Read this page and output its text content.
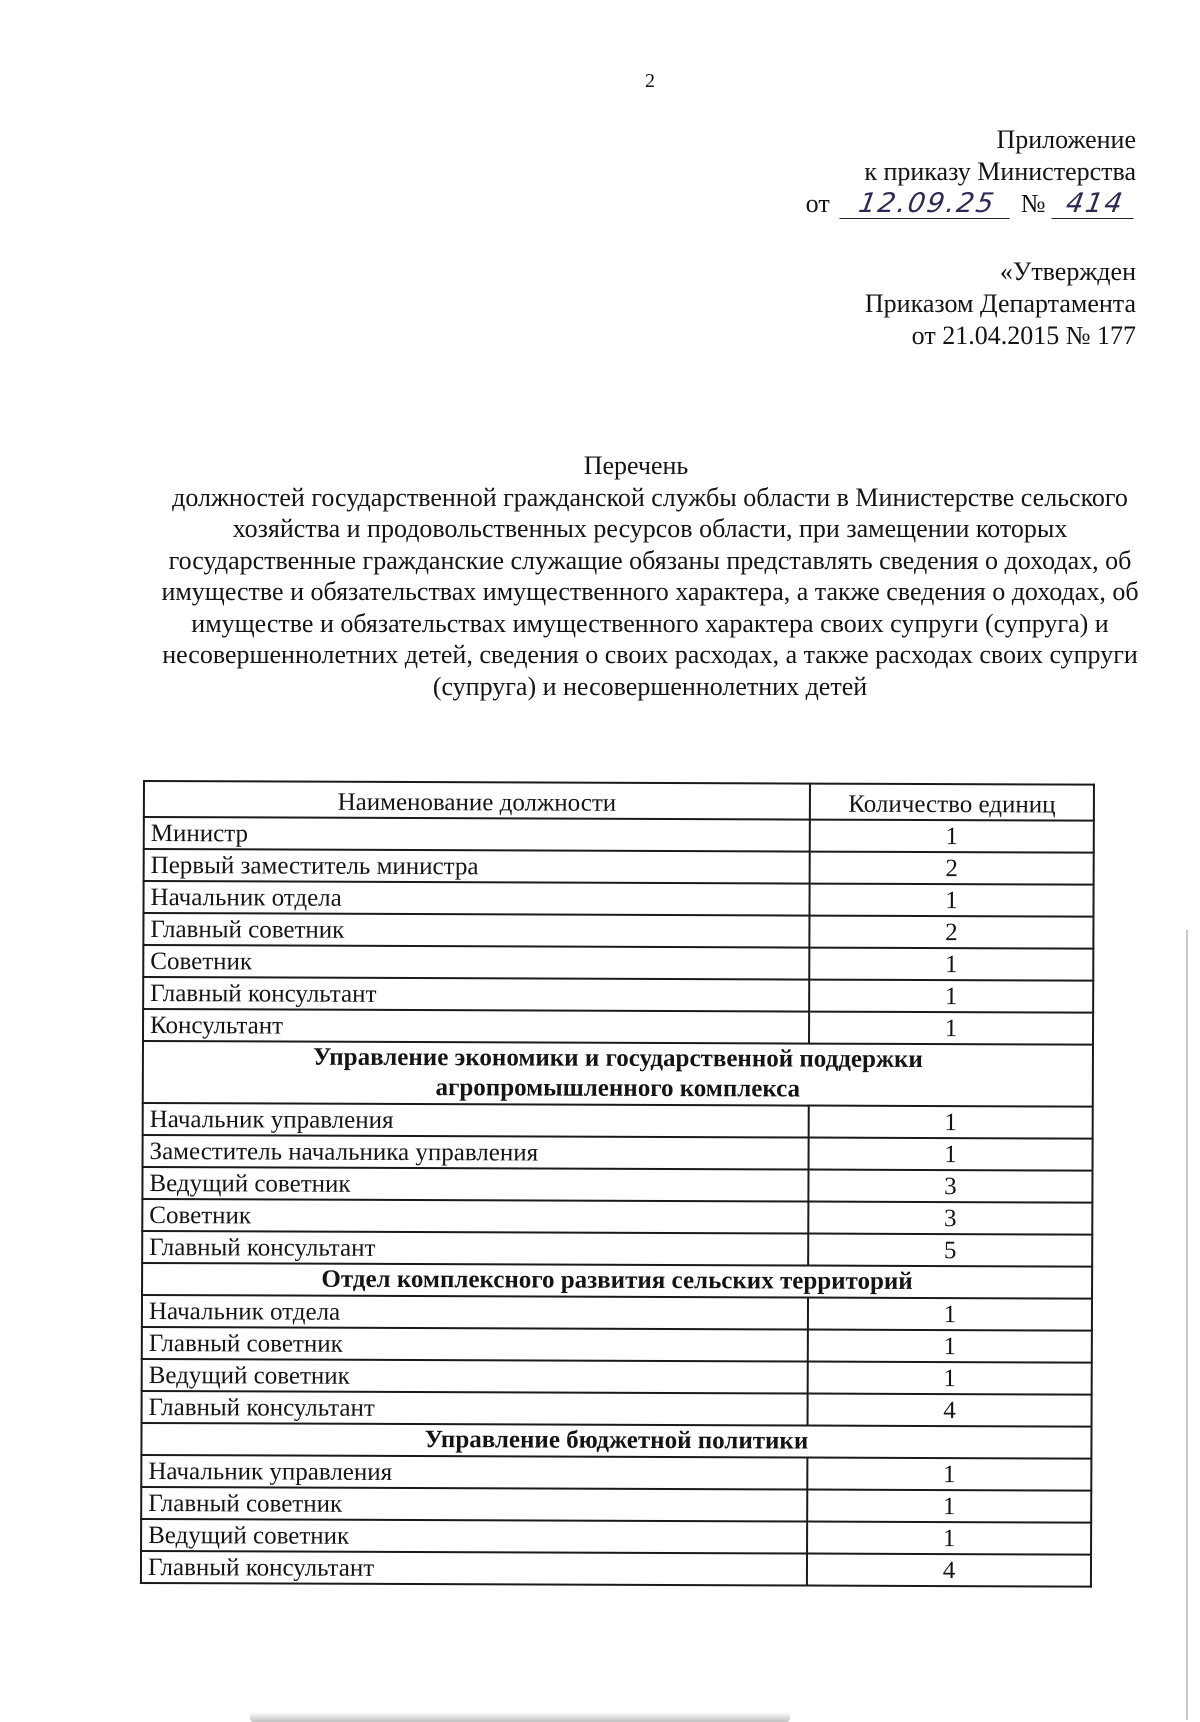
2
Приложение
к приказу Министерства
от 12.09.25 № 414
«Утвержден
Приказом Департамента
от 21.04.2015 № 177
Перечень
должностей государственной гражданской службы области в Министерстве сельского хозяйства и продовольственных ресурсов области, при замещении которых государственные гражданские служащие обязаны представлять сведения о доходах, об имуществе и обязательствах имущественного характера, а также сведения о доходах, об имуществе и обязательствах имущественного характера своих супруги (супруга) и несовершеннолетних детей, сведения о своих расходах, а также расходах своих супруги (супруга) и несовершеннолетних детей
Наименование должности	Количество единиц
Министр	1
Первый заместитель министра	2
Начальник отдела	1
Главный советник	2
Советник	1
Главный консультант	1
Консультант	1
Управление экономики и государственной поддержки агропромышленного комплекса	
Начальник управления	1
Заместитель начальника управления	1
Ведущий советник	3
Советник	3
Главный консультант	5
Отдел комплексного развития сельских территорий	
Начальник отдела	1
Главный советник	1
Ведущий советник	1
Главный консультант	4
Управление бюджетной политики	
Начальник управления	1
Главный советник	1
Ведущий советник	1
Главный консультант	4
